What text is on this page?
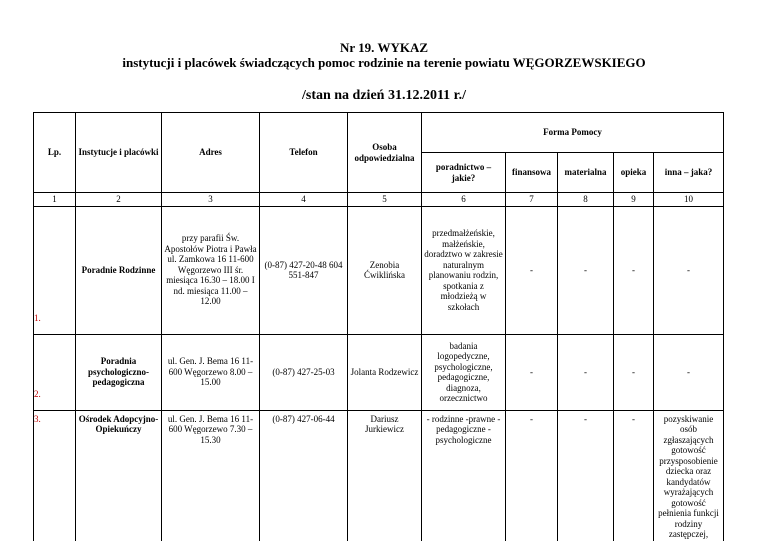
Nr 19. WYKAZ
instytucji i placówek świadczących pomoc rodzinie na terenie powiatu WĘGORZEWSKIEGO
/stan na dzień 31.12.2011 r./
Lp.	Instytucje i placówki	Adres	Telefon	Osoba odpowiedzialna	Forma Pomocy				
					poradnictwo – jakie?	finansowa	materialna	opieka	inna – jaka?
1	2	3	4	5	6	7	8	9	10
1.	Poradnie Rodzinne	przy parafii Św. Apostołów Piotra i Pawła ul. Zamkowa 16 11-600 Węgorzewo III śr. miesiąca 16.30 – 18.00 I nd. miesiąca 11.00 – 12.00	(0-87) 427-20-48 604 551-847	Zenobia Ćwiklińska	przedmałżeńskie, małżeńskie, doradztwo w zakresie naturalnym planowaniu rodzin, spotkania z młodzieżą w szkołach	-	-	-	-
2.	Poradnia psychologiczno-pedagogiczna	ul. Gen. J. Bema 16 11-600 Węgorzewo 8.00 – 15.00	(0-87) 427-25-03	Jolanta Rodzewicz	badania logopedyczne, psychologiczne, pedagogiczne, diagnoza, orzecznictwo	-	-	-	-
3.	Ośrodek Adopcyjno-Opiekuńczy	ul. Gen. J. Bema 16 11-600 Węgorzewo 7.30 – 15.30	(0-87) 427-06-44	Dariusz Jurkiewicz	- rodzinne -prawne - pedagogiczne -psychologiczne	-	-	-	pozyskiwanie osób zgłaszających gotowość przysposobienie dziecka oraz kandydatów wyrażających gotowość pełnienia funkcji rodziny zastępczej,
